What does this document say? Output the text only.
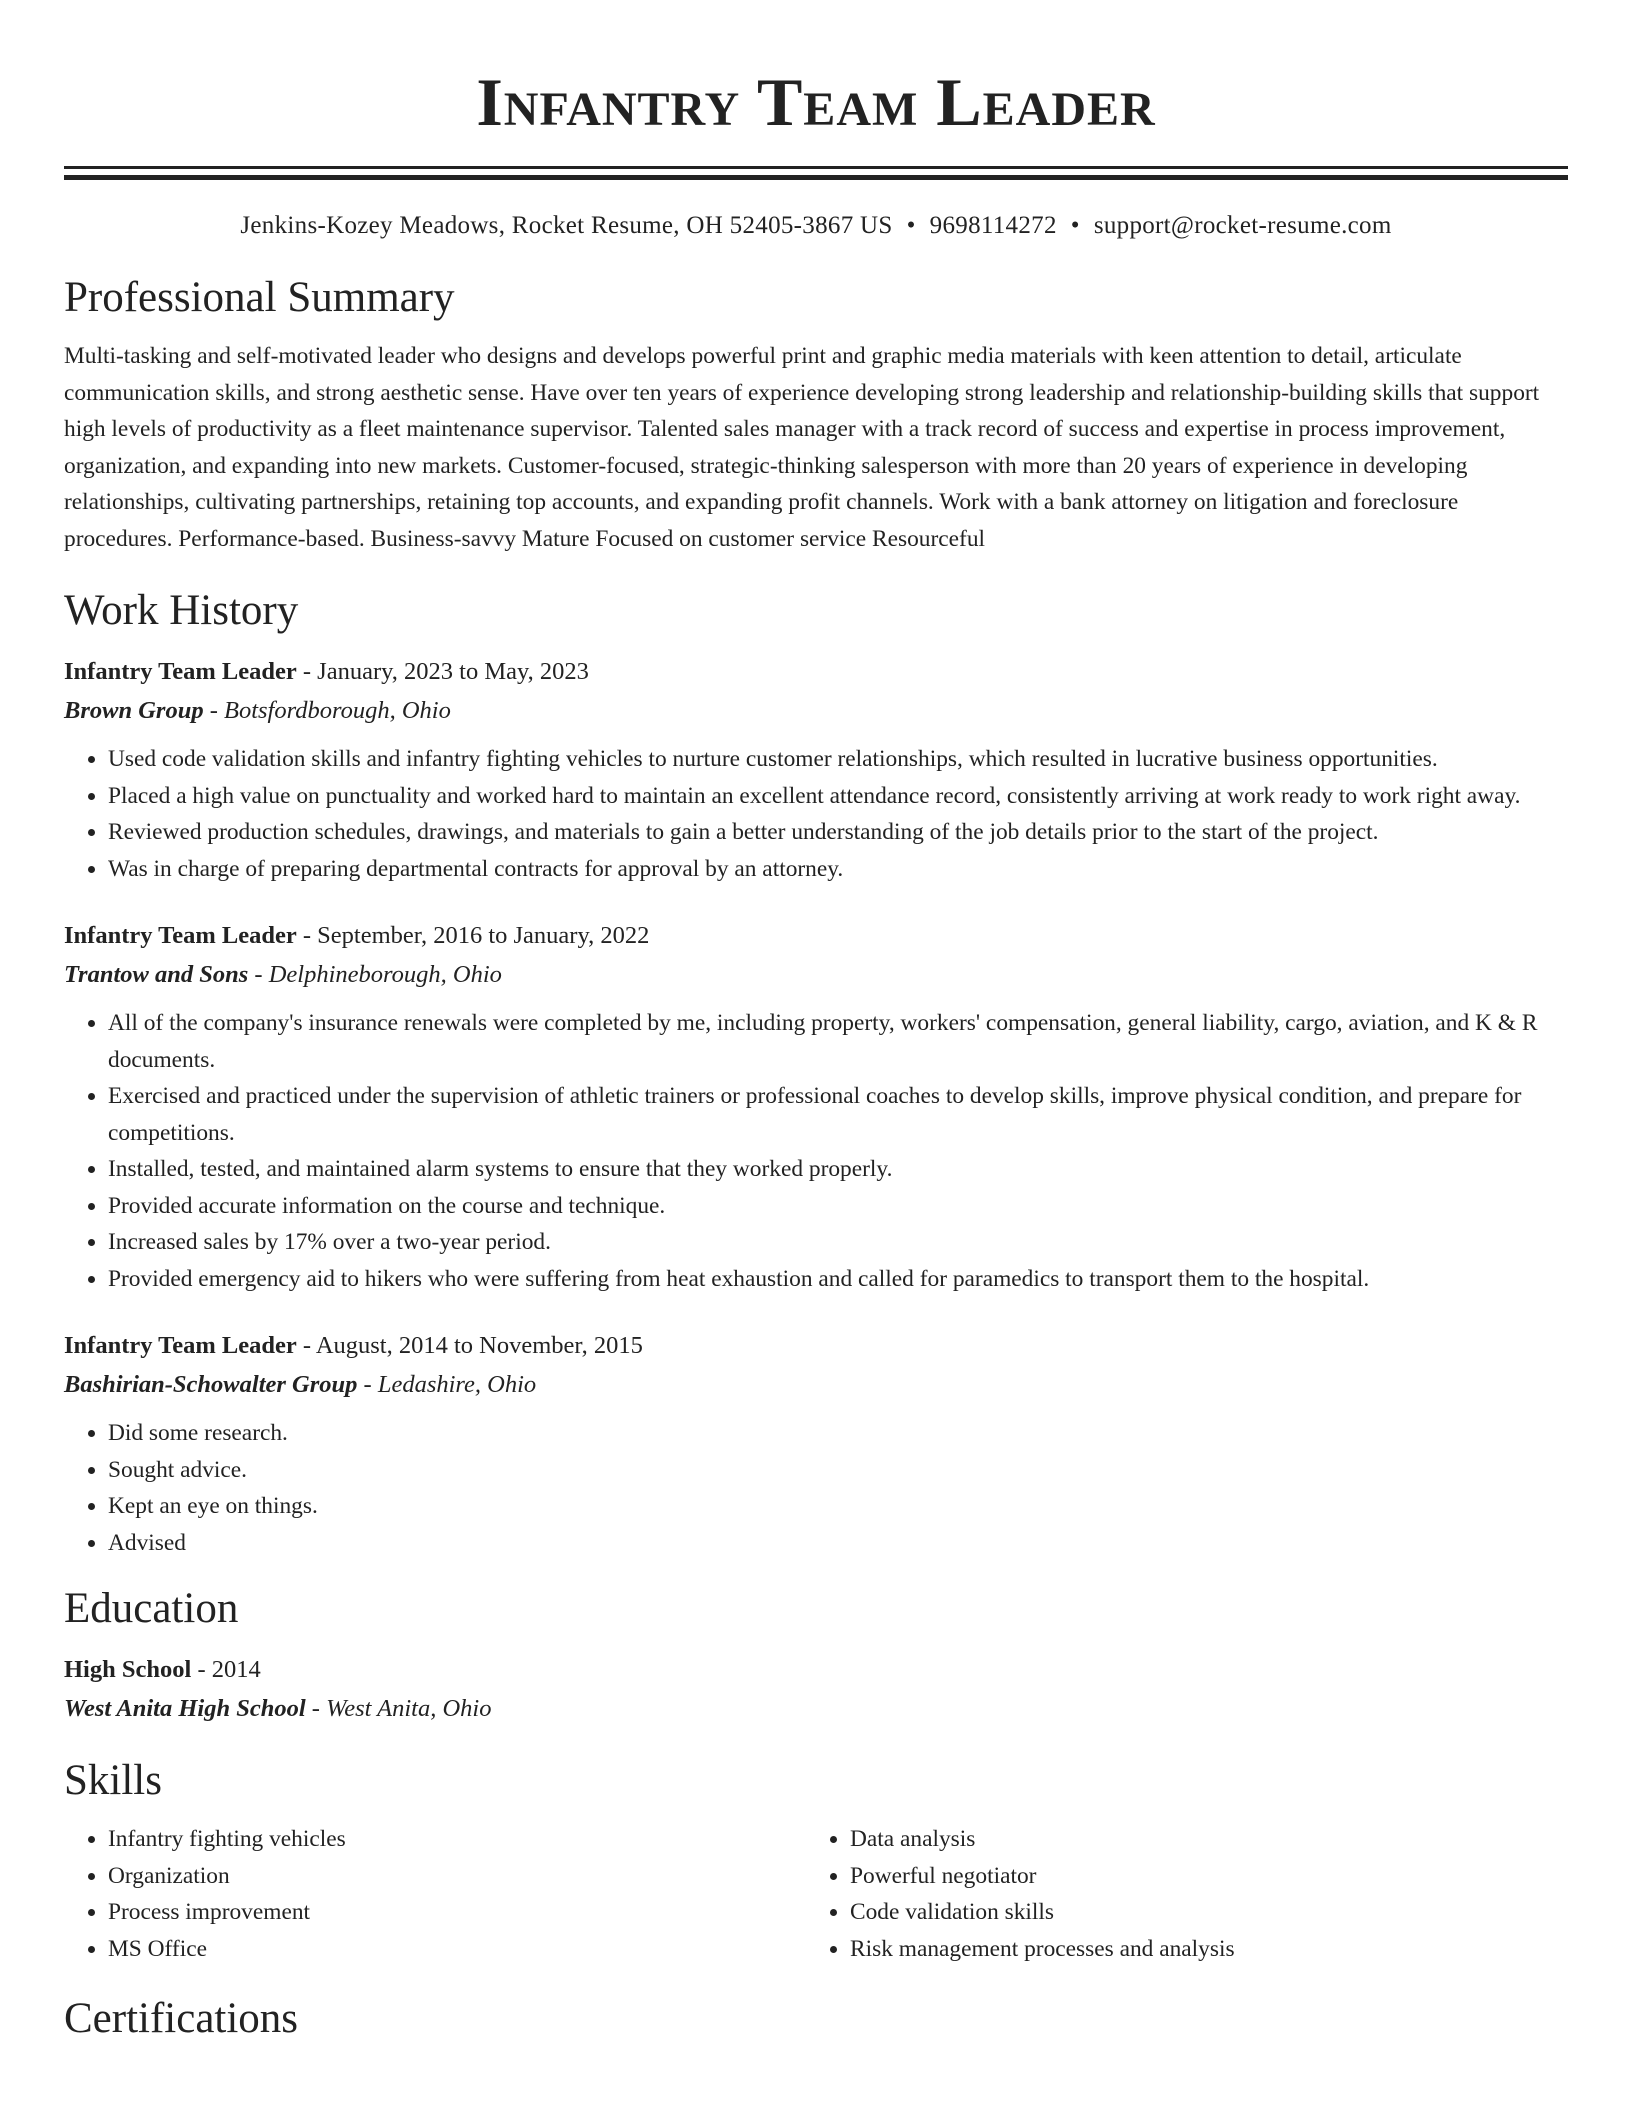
Infantry Team Leader
Jenkins-Kozey Meadows, Rocket Resume, OH 52405-3867 US • 9698114272 • support@rocket-resume.com
Professional Summary
Multi-tasking and self-motivated leader who designs and develops powerful print and graphic media materials with keen attention to detail, articulate communication skills, and strong aesthetic sense. Have over ten years of experience developing strong leadership and relationship-building skills that support high levels of productivity as a fleet maintenance supervisor. Talented sales manager with a track record of success and expertise in process improvement, organization, and expanding into new markets. Customer-focused, strategic-thinking salesperson with more than 20 years of experience in developing relationships, cultivating partnerships, retaining top accounts, and expanding profit channels. Work with a bank attorney on litigation and foreclosure procedures. Performance-based. Business-savvy Mature Focused on customer service Resourceful
Work History
Infantry Team Leader - January, 2023 to May, 2023
Brown Group - Botsfordborough, Ohio
• Used code validation skills and infantry fighting vehicles to nurture customer relationships, which resulted in lucrative business opportunities.
• Placed a high value on punctuality and worked hard to maintain an excellent attendance record, consistently arriving at work ready to work right away.
• Reviewed production schedules, drawings, and materials to gain a better understanding of the job details prior to the start of the project.
• Was in charge of preparing departmental contracts for approval by an attorney.
Infantry Team Leader - September, 2016 to January, 2022
Trantow and Sons - Delphineborough, Ohio
• All of the company's insurance renewals were completed by me, including property, workers' compensation, general liability, cargo, aviation, and K & R documents.
• Exercised and practiced under the supervision of athletic trainers or professional coaches to develop skills, improve physical condition, and prepare for competitions.
• Installed, tested, and maintained alarm systems to ensure that they worked properly.
• Provided accurate information on the course and technique.
• Increased sales by 17% over a two-year period.
• Provided emergency aid to hikers who were suffering from heat exhaustion and called for paramedics to transport them to the hospital.
Infantry Team Leader - August, 2014 to November, 2015
Bashirian-Schowalter Group - Ledashire, Ohio
• Did some research.
• Sought advice.
• Kept an eye on things.
• Advised
Education
High School - 2014
West Anita High School - West Anita, Ohio
Skills
• Infantry fighting vehicles
• Organization
• Process improvement
• MS Office
• Data analysis
• Powerful negotiator
• Code validation skills
• Risk management processes and analysis
Certifications
